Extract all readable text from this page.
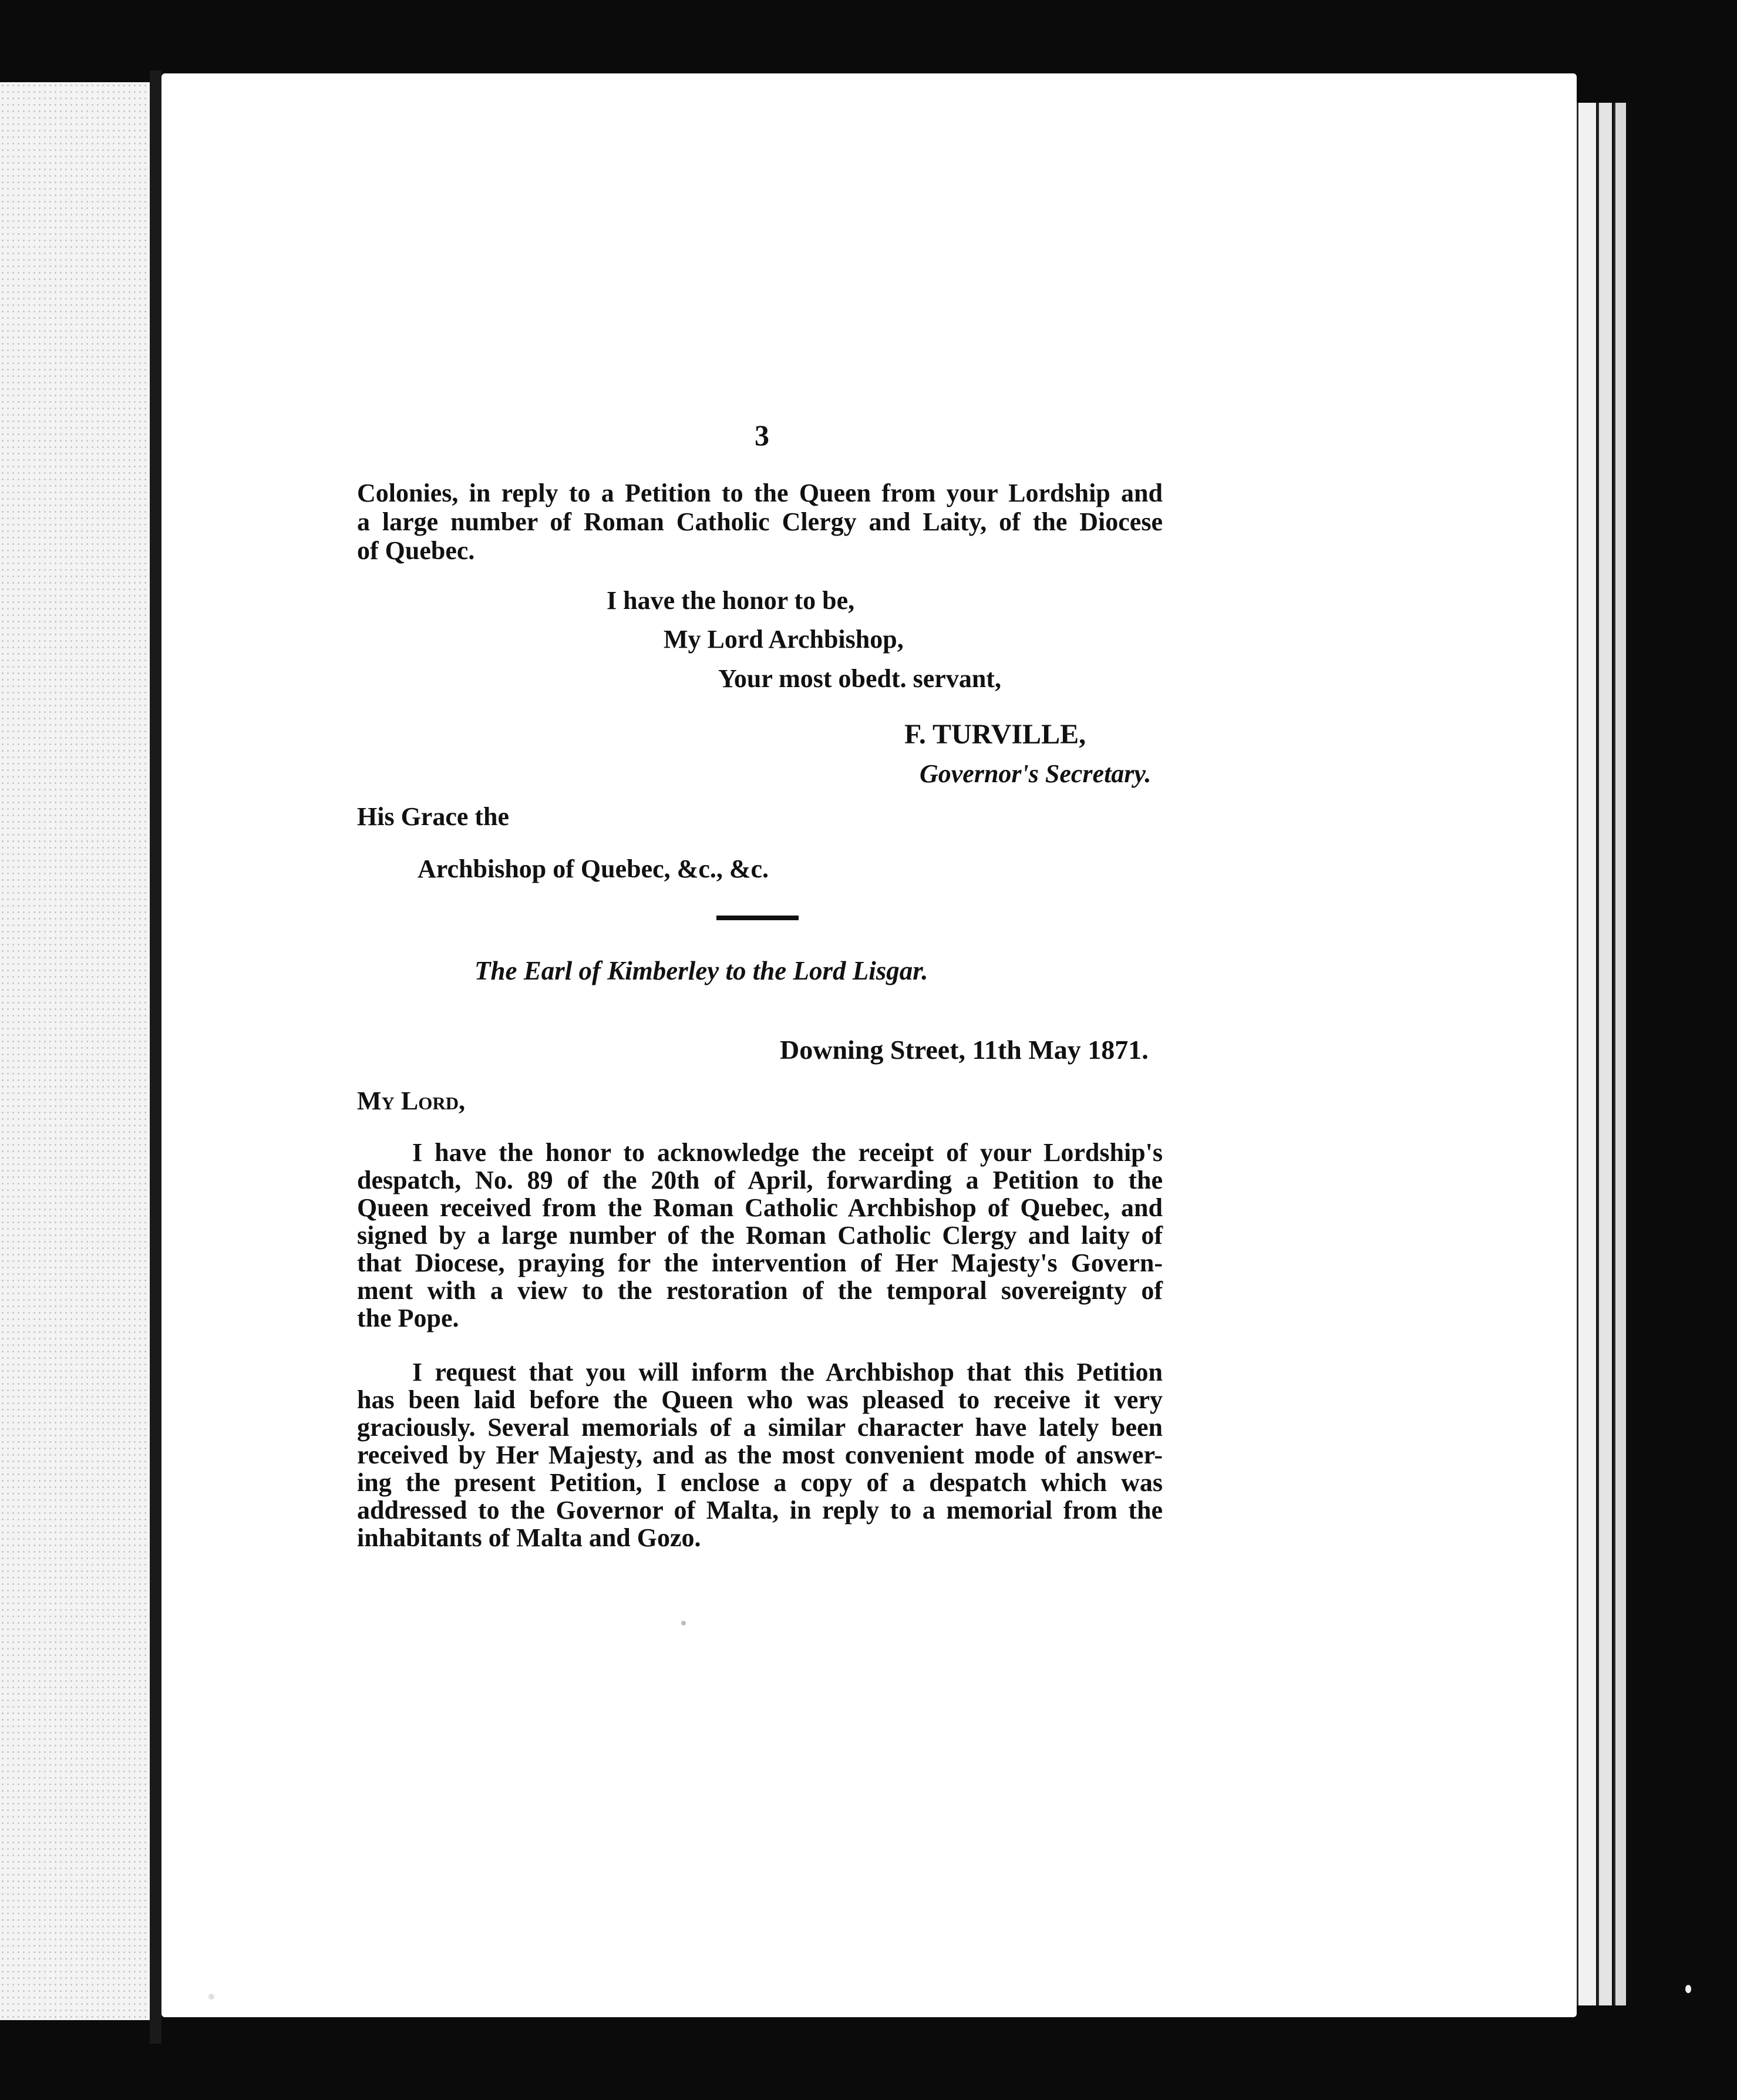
3
Colonies, in reply to a Petition to the Queen from your Lordship and
a large number of Roman Catholic Clergy and Laity, of the Diocese
of Quebec.
I have the honor to be,
My Lord Archbishop,
Your most obedt. servant,
F. TURVILLE,
Governor's Secretary.
His Grace the
Archbishop of Quebec, &c., &c.
The Earl of Kimberley to the Lord Lisgar.
Downing Street, 11th May 1871.
My Lord,
I have the honor to acknowledge the receipt of your Lordship's
despatch, No. 89 of the 20th of April, forwarding a Petition to the
Queen received from the Roman Catholic Archbishop of Quebec, and
signed by a large number of the Roman Catholic Clergy and laity of
that Diocese, praying for the intervention of Her Majesty's Govern-
ment with a view to the restoration of the temporal sovereignty of
the Pope.
I request that you will inform the Archbishop that this Petition
has been laid before the Queen who was pleased to receive it very
graciously. Several memorials of a similar character have lately been
received by Her Majesty, and as the most convenient mode of answer-
ing the present Petition, I enclose a copy of a despatch which was
addressed to the Governor of Malta, in reply to a memorial from the
inhabitants of Malta and Gozo.
